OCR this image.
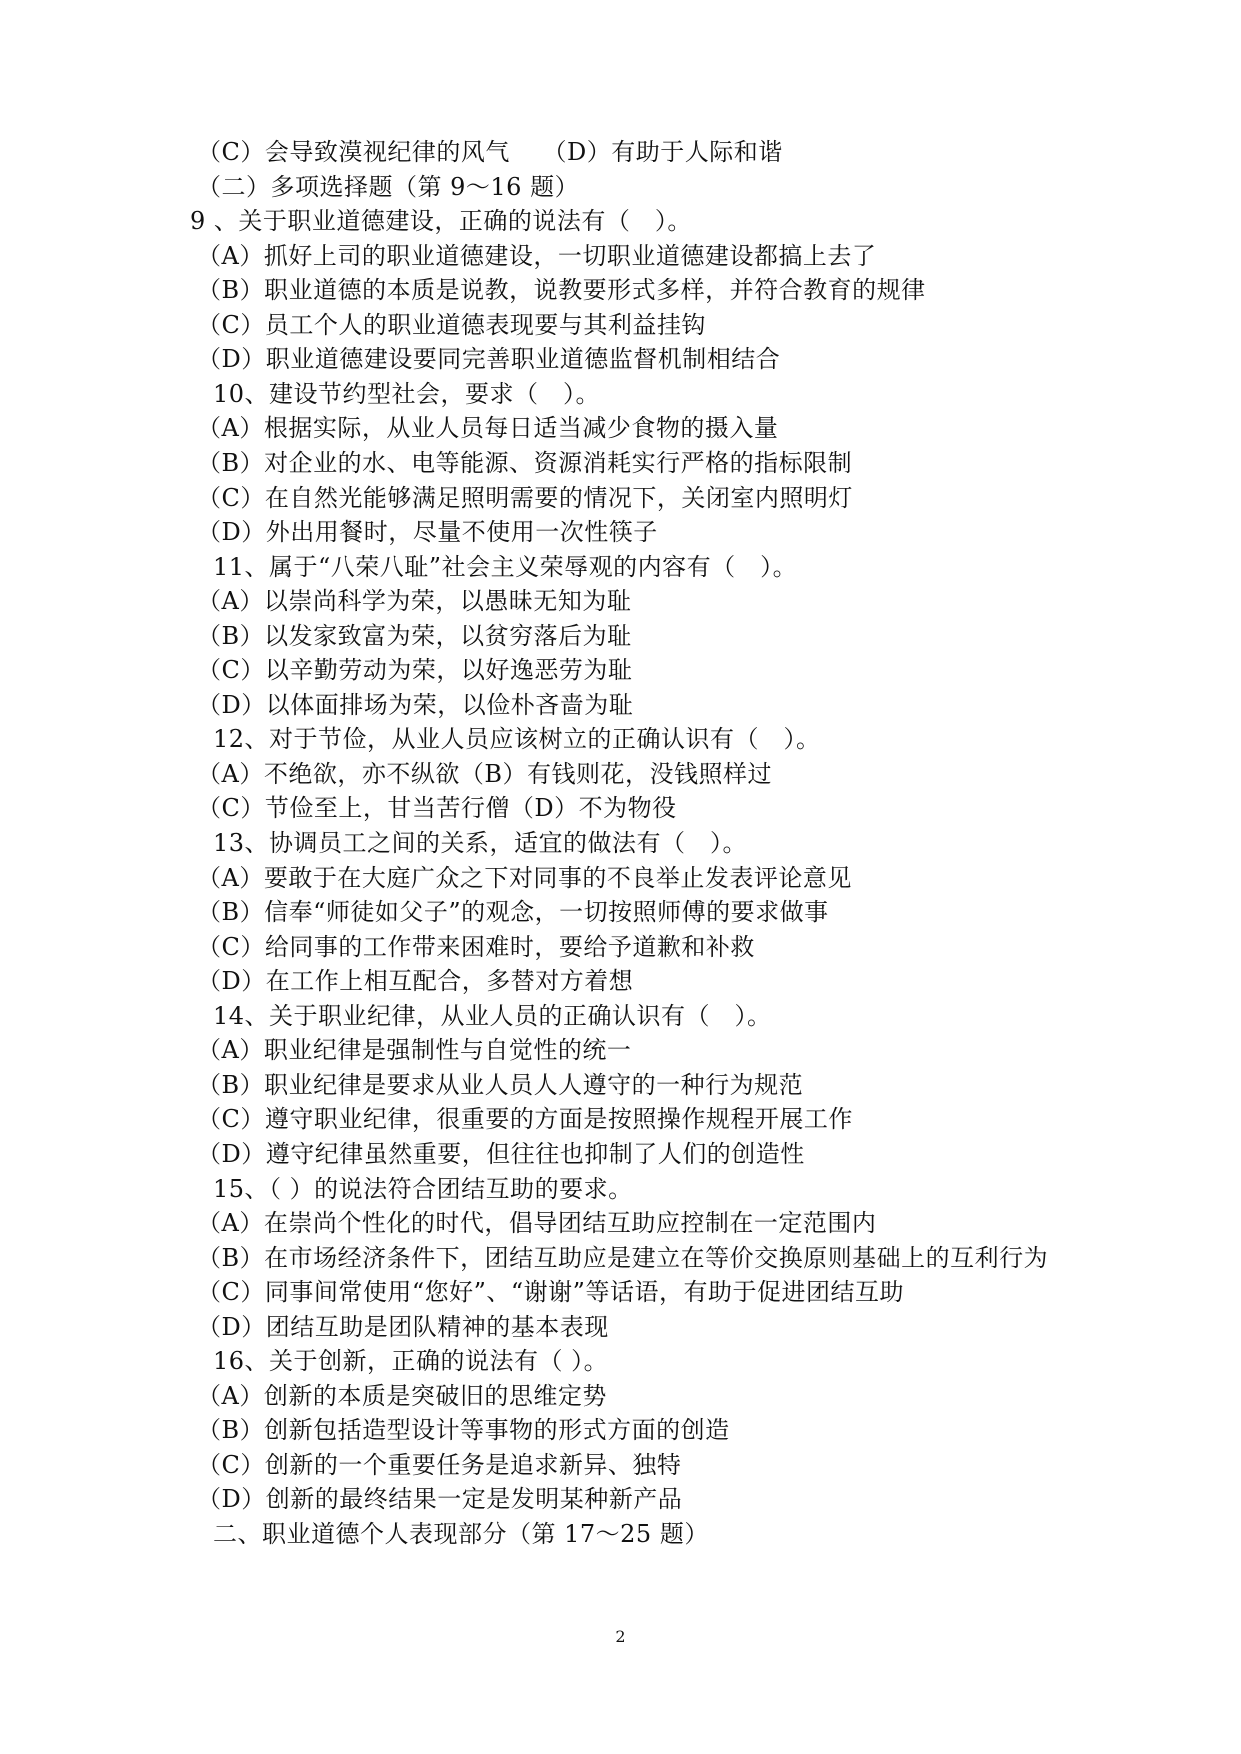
（C）会导致漠视纪律的风气　 （D）有助于人际和谐
（二）多项选择题（第 9～16 题）
9 、关于职业道德建设，正确的说法有（　）。
（A）抓好上司的职业道德建设，一切职业道德建设都搞上去了
（B）职业道德的本质是说教，说教要形式多样，并符合教育的规律
（C）员工个人的职业道德表现要与其利益挂钩
（D）职业道德建设要同完善职业道德监督机制相结合
10、建设节约型社会，要求（　）。
（A）根据实际，从业人员每日适当减少食物的摄入量
（B）对企业的水、电等能源、资源消耗实行严格的指标限制
（C）在自然光能够满足照明需要的情况下，关闭室内照明灯
（D）外出用餐时，尽量不使用一次性筷子
11、属于“八荣八耻”社会主义荣辱观的内容有（　）。
（A）以崇尚科学为荣，以愚昧无知为耻
（B）以发家致富为荣，以贫穷落后为耻
（C）以辛勤劳动为荣，以好逸恶劳为耻
（D）以体面排场为荣，以俭朴吝啬为耻
12、对于节俭，从业人员应该树立的正确认识有（　）。
（A）不绝欲，亦不纵欲（B）有钱则花，没钱照样过
（C）节俭至上，甘当苦行僧（D）不为物役
13、协调员工之间的关系，适宜的做法有（　）。
（A）要敢于在大庭广众之下对同事的不良举止发表评论意见
（B）信奉“师徒如父子”的观念，一切按照师傅的要求做事
（C）给同事的工作带来困难时，要给予道歉和补救
（D）在工作上相互配合，多替对方着想
14、关于职业纪律，从业人员的正确认识有（　）。
（A）职业纪律是强制性与自觉性的统一
（B）职业纪律是要求从业人员人人遵守的一种行为规范
（C）遵守职业纪律，很重要的方面是按照操作规程开展工作
（D）遵守纪律虽然重要，但往往也抑制了人们的创造性
15、（ ）的说法符合团结互助的要求。
（A）在崇尚个性化的时代，倡导团结互助应控制在一定范围内
（B）在市场经济条件下，团结互助应是建立在等价交换原则基础上的互利行为
（C）同事间常使用“您好”、“谢谢”等话语，有助于促进团结互助
（D）团结互助是团队精神的基本表现
16、关于创新，正确的说法有（ ）。
（A）创新的本质是突破旧的思维定势
（B）创新包括造型设计等事物的形式方面的创造
（C）创新的一个重要任务是追求新异、独特
（D）创新的最终结果一定是发明某种新产品
二、职业道德个人表现部分（第 17～25 题）
2
